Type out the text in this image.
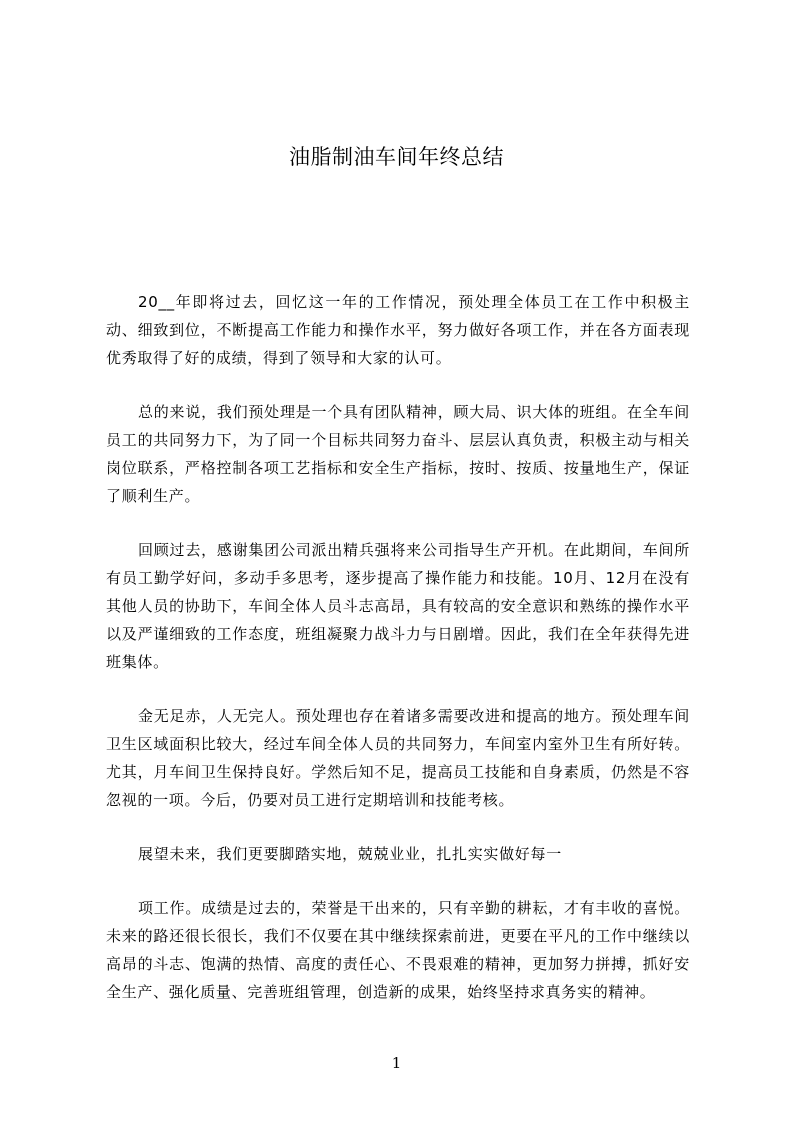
油脂制油车间年终总结

20__年即将过去，回忆这一年的工作情况，预处理全体员工在工作中积极主动、细致到位，不断提高工作能力和操作水平，努力做好各项工作，并在各方面表现优秀取得了好的成绩，得到了领导和大家的认可。

总的来说，我们预处理是一个具有团队精神，顾大局、识大体的班组。在全车间员工的共同努力下，为了同一个目标共同努力奋斗、层层认真负责，积极主动与相关岗位联系，严格控制各项工艺指标和安全生产指标，按时、按质、按量地生产，保证了顺利生产。

回顾过去，感谢集团公司派出精兵强将来公司指导生产开机。在此期间，车间所有员工勤学好问，多动手多思考，逐步提高了操作能力和技能。10月、12月在没有其他人员的协助下，车间全体人员斗志高昂，具有较高的安全意识和熟练的操作水平以及严谨细致的工作态度，班组凝聚力战斗力与日剧增。因此，我们在全年获得先进班集体。

金无足赤，人无完人。预处理也存在着诸多需要改进和提高的地方。预处理车间卫生区域面积比较大，经过车间全体人员的共同努力，车间室内室外卫生有所好转。尤其，月车间卫生保持良好。学然后知不足，提高员工技能和自身素质，仍然是不容忽视的一项。今后，仍要对员工进行定期培训和技能考核。

展望未来，我们更要脚踏实地，兢兢业业，扎扎实实做好每一

项工作。成绩是过去的，荣誉是干出来的，只有辛勤的耕耘，才有丰收的喜悦。未来的路还很长很长，我们不仅要在其中继续探索前进，更要在平凡的工作中继续以高昂的斗志、饱满的热情、高度的责任心、不畏艰难的精神，更加努力拼搏，抓好安全生产、强化质量、完善班组管理，创造新的成果，始终坚持求真务实的精神。

1
